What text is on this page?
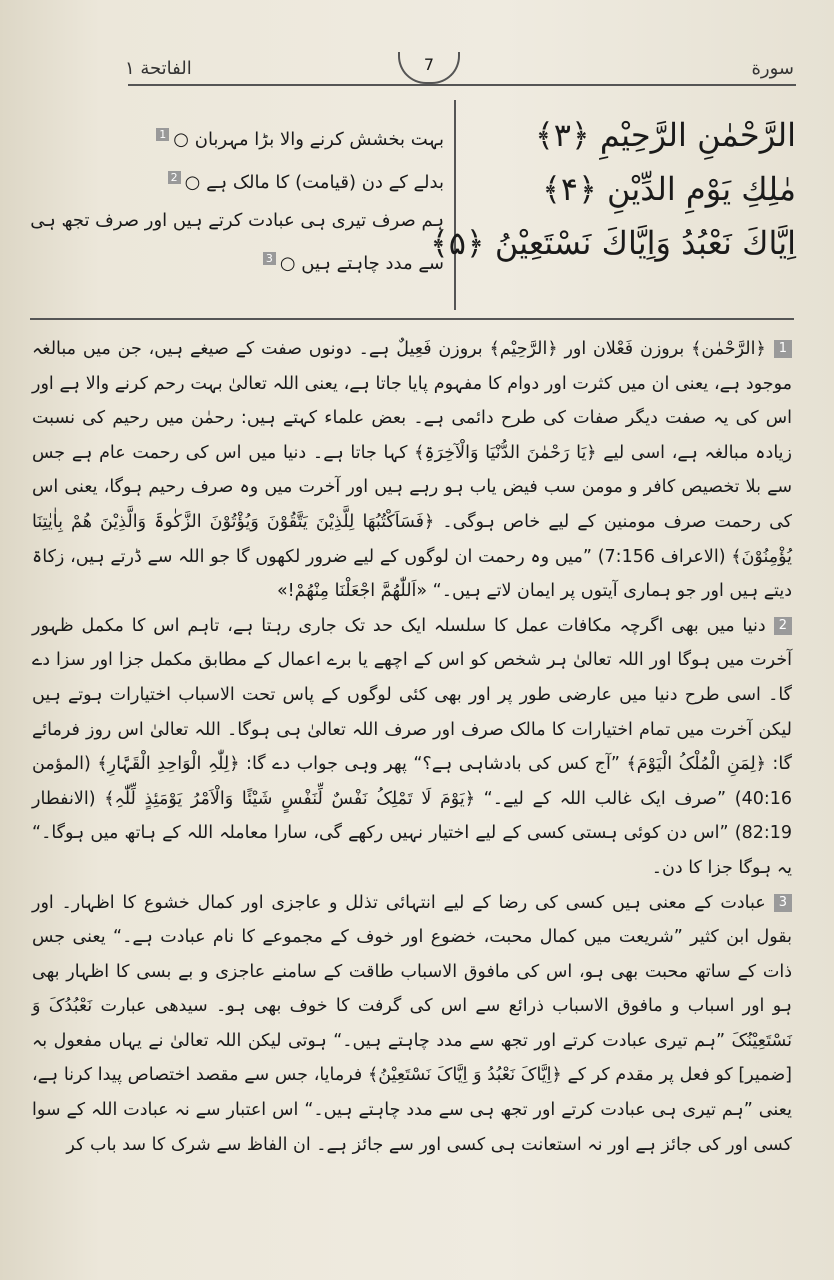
الفاتحة ۱	7	سورة
الرَّحْمٰنِ الرَّحِيْمِ ﴿۳﴾
مٰلِكِ يَوْمِ الدِّيْنِ ﴿۴﴾
اِيَّاكَ نَعْبُدُ وَاِيَّاكَ نَسْتَعِيْنُ ﴿۵﴾
بہت بخشش کرنے والا بڑا مہربان ○$^1$
بدلے کے دن (قیامت) کا مالک ہے ○$^2$
ہم صرف تیری ہی عبادت کرتے ہیں اور صرف تجھ ہی
سے مدد چاہتے ہیں ○$^3$

1﴿الرَّحْمٰن﴾ بروزن فَعْلان اور ﴿الرَّحِيْم﴾ بروزن فَعِيلٌ ہے۔ دونوں صفت کے صیغے ہیں، جن میں مبالغہ موجود ہے، یعنی ان میں کثرت اور دوام کا مفہوم پایا جاتا ہے، یعنی اللہ تعالیٰ بہت رحم کرنے والا ہے اور اس کی یہ صفت دیگر صفات کی طرح دائمی ہے۔ بعض علماء کہتے ہیں: رحمٰن میں رحیم کی نسبت زیادہ مبالغہ ہے، اسی لیے ﴿یَا رَحْمٰنَ الدُّنْیَا وَالْآخِرَۃِ﴾ کہا جاتا ہے۔ دنیا میں اس کی رحمت عام ہے جس سے بلا تخصیص کافر و مومن سب فیض یاب ہو رہے ہیں اور آخرت میں وہ صرف رحیم ہوگا، یعنی اس کی رحمت صرف مومنین کے لیے خاص ہوگی۔ ﴿فَسَاَکْتُبُھَا لِلَّذِیْنَ یَتَّقُوْنَ وَیُؤْتُوْنَ الزَّکٰوۃَ وَالَّذِیْنَ ھُمْ بِاٰیٰتِنَا یُؤْمِنُوْنَ﴾ (الاعراف 7:156) ”میں وہ رحمت ان لوگوں کے لیے ضرور لکھوں گا جو اللہ سے ڈرتے ہیں، زکاۃ دیتے ہیں اور جو ہماری آیتوں پر ایمان لاتے ہیں۔“ «اَللّٰھُمَّ اجْعَلْنَا مِنْھُمْ!»

2دنیا میں بھی اگرچہ مکافات عمل کا سلسلہ ایک حد تک جاری رہتا ہے، تاہم اس کا مکمل ظہور آخرت میں ہوگا اور اللہ تعالیٰ ہر شخص کو اس کے اچھے یا برے اعمال کے مطابق مکمل جزا اور سزا دے گا۔ اسی طرح دنیا میں عارضی طور پر اور بھی کئی لوگوں کے پاس تحت الاسباب اختیارات ہوتے ہیں لیکن آخرت میں تمام اختیارات کا مالک صرف اور صرف اللہ تعالیٰ ہی ہوگا۔ اللہ تعالیٰ اس روز فرمائے گا: ﴿لِمَنِ الْمُلْکُ الْیَوْمَ﴾ ”آج کس کی بادشاہی ہے؟“ پھر وہی جواب دے گا: ﴿لِلّٰہِ الْوَاحِدِ الْقَہَّارِ﴾ (المؤمن 40:16) ”صرف ایک غالب اللہ کے لیے۔“ ﴿یَوْمَ لَا تَمْلِکُ نَفْسٌ لِّنَفْسٍ شَیْئًا وَالْاَمْرُ یَوْمَئِذٍ لِّلّٰہِ﴾ (الانفطار 82:19) ”اس دن کوئی ہستی کسی کے لیے اختیار نہیں رکھے گی، سارا معاملہ اللہ کے ہاتھ میں ہوگا۔“ یہ ہوگا جزا کا دن۔

3عبادت کے معنی ہیں کسی کی رضا کے لیے انتہائی تذلل و عاجزی اور کمال خشوع کا اظہار۔ اور بقول ابن کثیر ”شریعت میں کمال محبت، خضوع اور خوف کے مجموعے کا نام عبادت ہے۔“ یعنی جس ذات کے ساتھ محبت بھی ہو، اس کی مافوق الاسباب طاقت کے سامنے عاجزی و بے بسی کا اظہار بھی ہو اور اسباب و مافوق الاسباب ذرائع سے اس کی گرفت کا خوف بھی ہو۔ سیدھی عبارت نَعْبُدُکَ وَ نَسْتَعِیْنُکَ ”ہم تیری عبادت کرتے اور تجھ سے مدد چاہتے ہیں۔“ ہوتی لیکن اللہ تعالیٰ نے یہاں مفعول بہ [ضمیر] کو فعل پر مقدم کر کے ﴿اِیَّاکَ نَعْبُدُ وَ اِیَّاکَ نَسْتَعِیْنُ﴾ فرمایا، جس سے مقصد اختصاص پیدا کرنا ہے، یعنی ”ہم تیری ہی عبادت کرتے اور تجھ ہی سے مدد چاہتے ہیں۔“ اس اعتبار سے نہ عبادت اللہ کے سوا کسی اور کی جائز ہے اور نہ استعانت ہی کسی اور سے جائز ہے۔ ان الفاظ سے شرک کا سد باب کر
